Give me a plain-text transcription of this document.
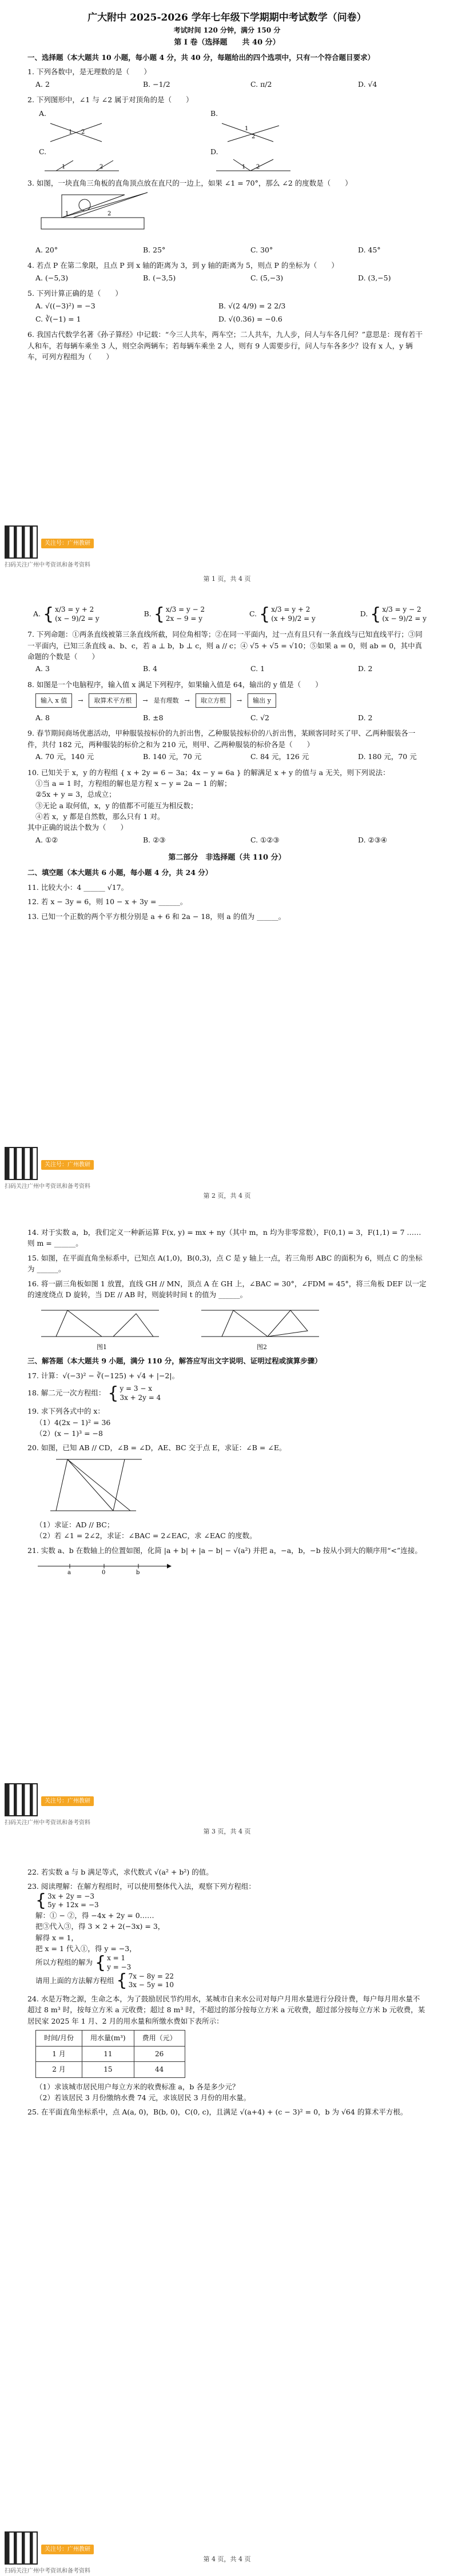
广大附中 2025-2026 学年七年级下学期期中考试数学（问卷）
考试时间 120 分钟，满分 150 分
第 I 卷（选择题　　共 40 分）
一、选择题（本大题共 10 小题，每小题 4 分，共 40 分，每题给出的四个选项中，只有一个符合题目要求）
1. 下列各数中，是无理数的是（　　）
A. 2	B. −1/2	C. π/2	D. √4
2. 下列图形中，∠1 与 ∠2 属于对顶角的是（　　）
A.
1 2
B.
1
2
C.
1	2
D.
1 2
3. 如图，一块直角三角板的直角顶点放在直尺的一边上，如果 ∠1 = 70°，那么 ∠2 的度数是（　　）
1	2
A. 20°	B. 25°	C. 30°	D. 45°
4. 若点 P 在第二象限，且点 P 到 x 轴的距离为 3，到 y 轴的距离为 5，则点 P 的坐标为（　　）
A. (−5,3)	B. (−3,5)	C. (5,−3)	D. (3,−5)
5. 下列计算正确的是（　　）
A. √((−3)²) = −3	B. √(2 4/9) = 2 2/3
C. ∛(−1) = 1	D. √(0.36) = −0.6
6. 我国古代数学名著《孙子算经》中记载：“今三人共车，两车空；二人共车，九人步，问人与车各几何？”意思是：现有若干人和车，若每辆车乘坐 3 人，则空余两辆车；若每辆车乘坐 2 人，则有 9 人需要步行，问人与车各多少？设有 x 人，y 辆车，可列方程组为（　　）
第 1 页，共 4 页
关注号：广州教研
扫码关注广州中考资讯和备考资料
A. { x/3 = y + 2
(x − 9)/2 = y
B. { x/3 = y − 2
2x − 9 = y
C. { x/3 = y + 2
(x + 9)/2 = y
D. { x/3 = y − 2
(x − 9)/2 = y
7. 下列命题：①两条直线被第三条直线所截，同位角相等；②在同一平面内，过一点有且只有一条直线与已知直线平行；③同一平面内，已知三条直线 a、b、c，若 a ⊥ b，b ⊥ c，则 a // c；④ √5 + √5 = √10；⑤如果 a = 0，则 ab = 0，其中真命题的个数是（　　）
A. 3	B. 4	C. 1	D. 2
8. 如图是一个电脑程序，输入值 x 满足下列程序，如果输入值是 64，输出的 y 值是（　　）
输入 x 值	→	取算术平方根	→ 是有理数 →	取立方根	→	输出 y
A. 8	B. ±8	C. √2	D. 2
9. 春节期间商场优惠活动，甲种服装按标价的九折出售，乙种服装按标价的八折出售，某顾客同时买了甲、乙两种服装各一件，共付 182 元，两种服装的标价之和为 210 元，则甲、乙两种服装的标价各是（　　）
A. 70 元，140 元	B. 140 元，70 元	C. 84 元，126 元	D. 180 元，70 元
10. 已知关于 x，y 的方程组 { x + 2y = 6 − 3a；4x − y = 6a } 的解满足 x + y 的值与 a 无关，则下列说法：
①当 a = 1 时，方程组的解也是方程 x − y = 2a − 1 的解；
②5x + y = 3，总成立；
③无论 a 取何值，x，y 的值都不可能互为相反数；
④若 x，y 都是自然数，那么只有 1 对。
其中正确的说法个数为（　　）
A. ①②	B. ②③	C. ①②③	D. ②③④
第二部分　非选择题（共 110 分）
二、填空题（本大题共 6 小题，每小题 4 分，共 24 分）
11. 比较大小：4 ______ √17。
12. 若 x − 3y = 6，则 10 − x + 3y = ______。
13. 已知一个正数的两个平方根分别是 a + 6 和 2a − 18，则 a 的值为 ______。
第 2 页，共 4 页
关注号：广州教研
扫码关注广州中考资讯和备考资料
14. 对于实数 a，b，我们定义一种新运算 F(x, y) = mx + ny（其中 m，n 均为非零常数），F(0,1) = 3，F(1,1) = 7 ……则 m = ______。
15. 如图，在平面直角坐标系中，已知点 A(1,0)，B(0,3)，点 C 是 y 轴上一点，若三角形 ABC 的面积为 6，则点 C 的坐标为 ______。
16. 将一副三角板如图 1 放置，直线 GH // MN，顶点 A 在 GH 上，∠BAC = 30°，∠FDM = 45°，将三角板 DEF 以一定的速度绕点 D 旋转，当 DE // AB 时，则旋转时间 t 的值为 ______。
图1	图2
三、解答题（本大题共 9 小题，满分 110 分，解答应写出文字说明、证明过程或演算步骤）
17. 计算：√(−3)² − ∛(−125) + √4 + |−2|。
18. 解二元一次方程组： { y = 3 − x
3x + 2y = 4
19. 求下列各式中的 x：
（1）4(2x − 1)² = 36
（2）(x − 1)³ = −8
20. 如图，已知 AB // CD，∠B = ∠D，AE、BC 交于点 E，求证：∠B = ∠E。
（1）求证：AD // BC；
（2）若 ∠1 = 2∠2，求证：∠BAC = 2∠EAC，求 ∠EAC 的度数。
21. 实数 a、b 在数轴上的位置如图，化简 |a + b| + |a − b| − √(a²) 并把 a，−a，b，−b 按从小到大的顺序用“<”连接。
a	0	b
第 3 页，共 4 页
关注号：广州教研
扫码关注广州中考资讯和备考资料
22. 若实数 a 与 b 满足等式，求代数式 √(a² + b²) 的值。
23. 阅读理解：在解方程组时，可以使用整体代入法，观察下列方程组：
{ 3x + 2y = −3
5y + 12x = −3
解：① − ②，得 −4x + 2y = 0……
把③代入③，得 3 × 2 + 2(−3x) = 3，
解得 x = 1，
把 x = 1 代入①，得 y = −3，
所以方程组的解为 { x = 1
y = −3
请用上面的方法解方程组 { 7x − 8y = 22
3x − 5y = 10
24. 水是万物之源，生命之本，为了鼓励居民节约用水，某城市自来水公司对每户月用水量进行分段计费，每户每月用水量不超过 8 m³ 时，按每立方米 a 元收费；超过 8 m³ 时，不超过的部分按每立方米 a 元收费，超过部分按每立方米 b 元收费，某居民家 2025 年 1 月、2 月的用水量和所缴水费如下表所示：
时间/月份	用水量(m³)	费用（元）
1 月	11	26
2 月	15	44
（1）求该城市居民用户每立方米的收费标准 a，b 各是多少元？
（2）若该居民 3 月份缴纳水费 74 元，求该居民 3 月份的用水量。
25. 在平面直角坐标系中，点 A(a, 0)，B(b, 0)，C(0, c)，且满足 √(a+4) + (c − 3)² = 0，b 为 √64 的算术平方根。
第 4 页，共 4 页
关注号：广州教研
扫码关注广州中考资讯和备考资料
